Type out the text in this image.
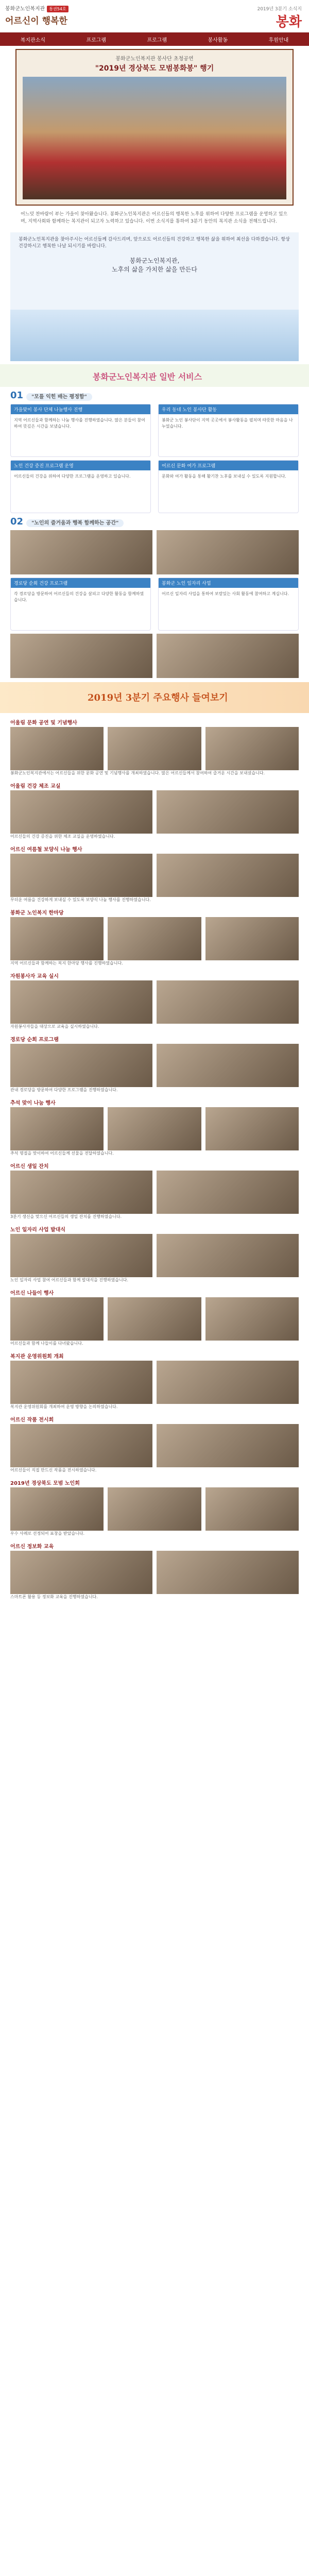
봉화군노인복지관 통권54호
어르신이 행복한
2019년 3분기 소식지
봉화
복지관소식	프로그램	프로그램	봉사활동	후원안내
봉화군노인복지관 봉사단 초청공연
"2019년 경상북도 모범봉화봉" 행기
어느덧 찬바람이 부는 가을이 찾아왔습니다. 봉화군노인복지관은 어르신들의 행복한 노후를 위하여 다양한 프로그램을 운영하고 있으며, 지역사회와 함께하는 복지관이 되고자 노력하고 있습니다. 이번 소식지를 통하여 3분기 동안의 복지관 소식을 전해드립니다.

봉화군노인복지관을 찾아주시는 어르신들께 감사드리며, 앞으로도 어르신들의 건강하고 행복한 삶을 위하여 최선을 다하겠습니다. 항상 건강하시고 행복한 나날 되시기를 바랍니다.

봉화군노인복지관,
노후의 삶을 가치한 삶을 만든다
봉화군노인복지관 일반 서비스
01 "모를 익힌 배는 평정함"
가을맞이 봉사 단체 나눔행사 진행
지역 어르신들과 함께하는 나눔 행사를 진행하였습니다. 많은 분들이 참여하여 뜻깊은 시간을 보냈습니다.
우리 동네 노인 봉사단 활동
봉화군 노인 봉사단이 지역 곳곳에서 봉사활동을 펼치며 따뜻한 마음을 나누었습니다.
노인 건강 증진 프로그램 운영
어르신들의 건강을 위하여 다양한 프로그램을 운영하고 있습니다.
어르신 문화 여가 프로그램
문화와 여가 활동을 통해 활기찬 노후를 보내실 수 있도록 지원합니다.
02 "노인의 즐거움과 행복 함께하는 공간"
경로당 순회 건강 프로그램
각 경로당을 방문하여 어르신들의 건강을 살피고 다양한 활동을 함께하였습니다.
봉화군 노인 일자리 사업
어르신 일자리 사업을 통하여 보람있는 사회 활동에 참여하고 계십니다.
2019년 3분기 주요행사 들여보기
어울림 문화 공연 및 기념행사

봉화군노인복지관에서는 어르신들을 위한 문화 공연 및 기념행사를 개최하였습니다. 많은 어르신들께서 참여하여 즐거운 시간을 보내셨습니다.

어울림 건강 체조 교실

어르신들의 건강 증진을 위한 체조 교실을 운영하였습니다.

어르신 여름철 보양식 나눔 행사

무더운 여름을 건강하게 보내실 수 있도록 보양식 나눔 행사를 진행하였습니다.

봉화군 노인복지 한마당

지역 어르신들과 함께하는 복지 한마당 행사를 진행하였습니다.

자원봉사자 교육 실시

자원봉사자들을 대상으로 교육을 실시하였습니다.

경로당 순회 프로그램

관내 경로당을 방문하여 다양한 프로그램을 진행하였습니다.

추석 맞이 나눔 행사

추석 명절을 맞이하여 어르신들께 선물을 전달하였습니다.

어르신 생일 잔치

3분기 생신을 맞으신 어르신들의 생일 잔치를 진행하였습니다.

노인 일자리 사업 발대식

노인 일자리 사업 참여 어르신들과 함께 발대식을 진행하였습니다.

어르신 나들이 행사

어르신들과 함께 나들이를 다녀왔습니다.

복지관 운영위원회 개최

복지관 운영위원회를 개최하여 운영 방향을 논의하였습니다.

어르신 작품 전시회

어르신들이 직접 만드신 작품을 전시하였습니다.

2019년 경상북도 모범 노인회

우수 사례로 선정되어 표창을 받았습니다.

어르신 정보화 교육

스마트폰 활용 등 정보화 교육을 진행하였습니다.
